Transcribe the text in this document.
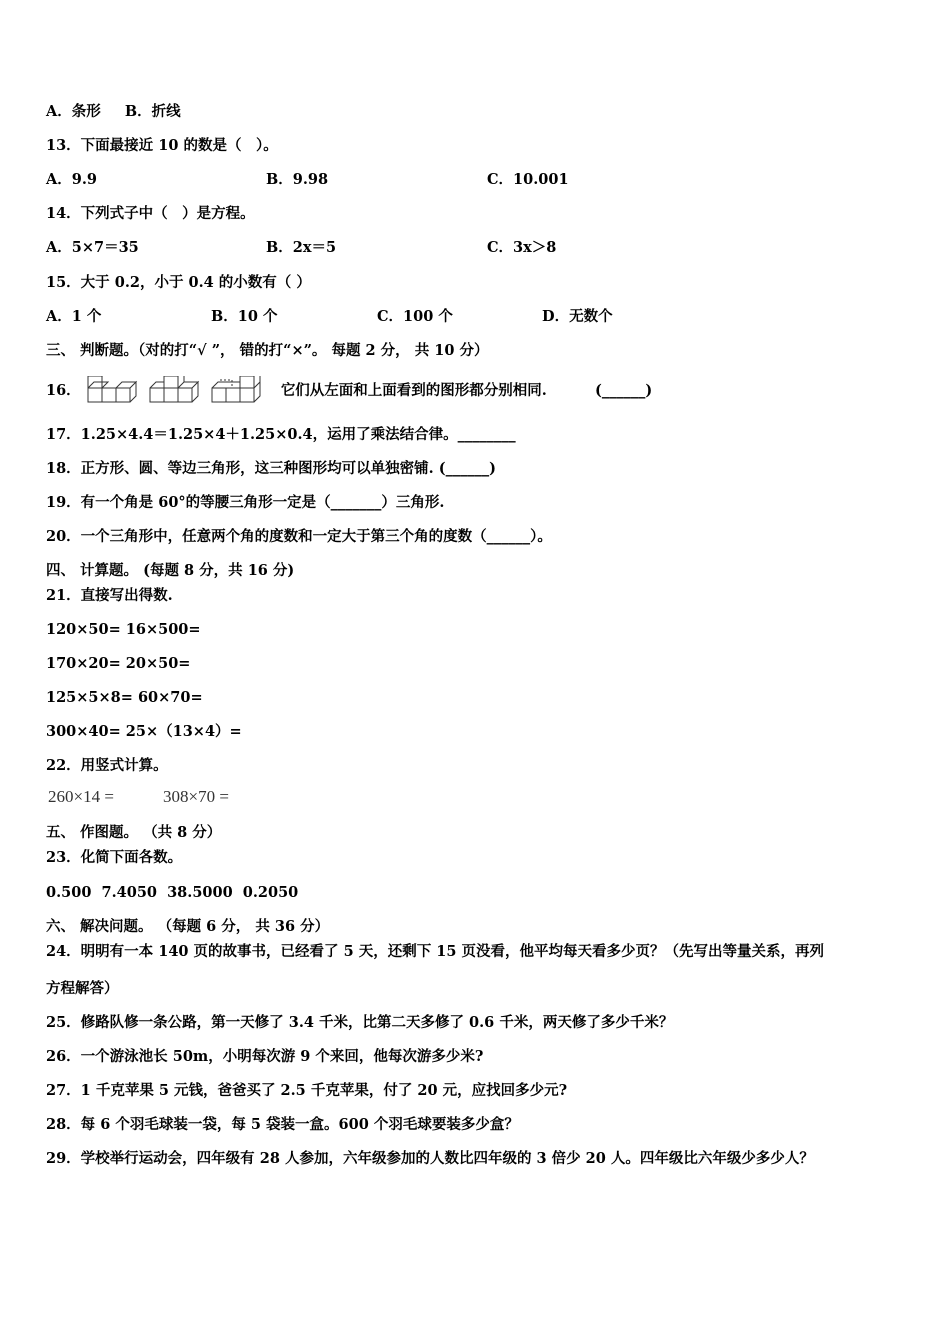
A．条形 B．折线
13．下面最接近 10 的数是（　）。
A．9.9	B．9.98	C．10.001
14．下列式子中（　）是方程。
A．5×7＝35	B．2x＝5	C．3x＞8
15．大于 0.2，小于 0.4 的小数有（ ）
A．1 个	B．10 个	C．100 个	D．无数个
三、 判断题。（对的打“√ ”， 错的打“×”。 每题 2 分， 共 10 分）
16．	它们从左面和上面看到的图形都分别相同.	(______)
17．1.25×4.4＝1.25×4＋1.25×0.4，运用了乘法结合律。________
18．正方形、圆、等边三角形，这三种图形均可以单独密铺. (______)
19．有一个角是 60°的等腰三角形一定是（_______）三角形.
20．一个三角形中，任意两个角的度数和一定大于第三个角的度数（______）。
四、 计算题。 (每题 8 分，共 16 分)
21．直接写出得数.
120×50= 16×500=
170×20= 20×50=
125×5×8= 60×70=
300×40= 25×（13×4）=
22．用竖式计算。
260×14 =	308×70 =
五、 作图题。 （共 8 分）
23．化简下面各数。
0.500  7.4050  38.5000  0.2050
六、 解决问题。 （每题 6 分， 共 36 分）
24．明明有一本 140 页的故事书，已经看了 5 天，还剩下 15 页没看，他平均每天看多少页？（先写出等量关系，再列
方程解答）
25．修路队修一条公路，第一天修了 3.4 千米，比第二天多修了 0.6 千米，两天修了多少千米？
26．一个游泳池长 50m，小明每次游 9 个来回，他每次游多少米?
27．1 千克苹果 5 元钱，爸爸买了 2.5 千克苹果，付了 20 元，应找回多少元?
28．每 6 个羽毛球装一袋，每 5 袋装一盒。600 个羽毛球要装多少盒？
29．学校举行运动会，四年级有 28 人参加，六年级参加的人数比四年级的 3 倍少 20 人。四年级比六年级少多少人？
